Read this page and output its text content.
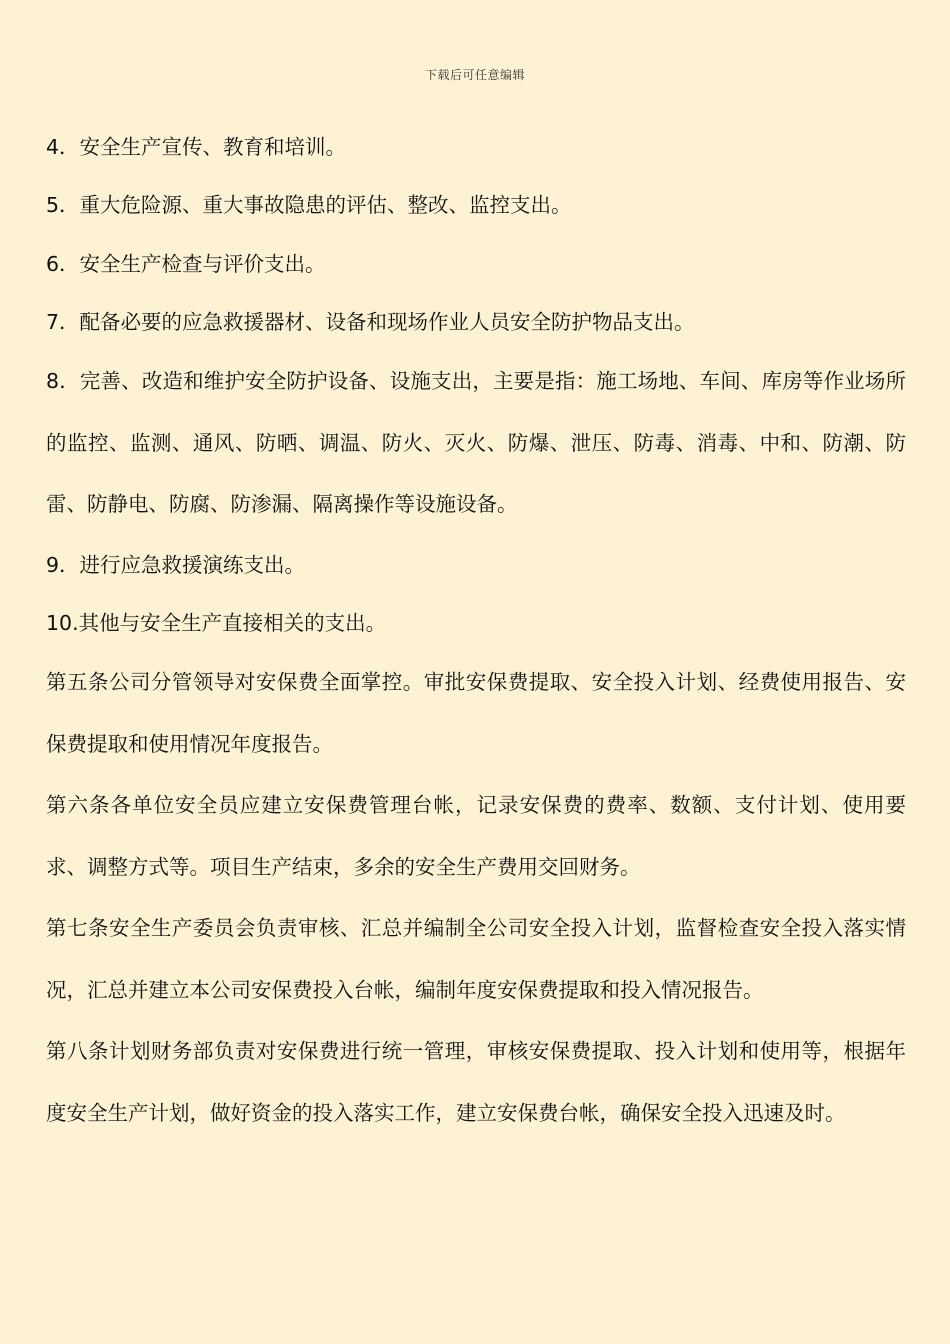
下载后可任意编辑

4．安全生产宣传、教育和培训。

5．重大危险源、重大事故隐患的评估、整改、监控支出。

6．安全生产检查与评价支出。

7．配备必要的应急救援器材、设备和现场作业人员安全防护物品支出。

8．完善、改造和维护安全防护设备、设施支出，主要是指：施工场地、车间、库房等作业场所的监控、监测、通风、防晒、调温、防火、灭火、防爆、泄压、防毒、消毒、中和、防潮、防雷、防静电、防腐、防渗漏、隔离操作等设施设备。

9．进行应急救援演练支出。

10.其他与安全生产直接相关的支出。

第五条公司分管领导对安保费全面掌控。审批安保费提取、安全投入计划、经费使用报告、安保费提取和使用情况年度报告。

第六条各单位安全员应建立安保费管理台帐，记录安保费的费率、数额、支付计划、使用要求、调整方式等。项目生产结束，多余的安全生产费用交回财务。

第七条安全生产委员会负责审核、汇总并编制全公司安全投入计划，监督检查安全投入落实情况，汇总并建立本公司安保费投入台帐，编制年度安保费提取和投入情况报告。

第八条计划财务部负责对安保费进行统一管理，审核安保费提取、投入计划和使用等，根据年度安全生产计划，做好资金的投入落实工作，建立安保费台帐，确保安全投入迅速及时。
